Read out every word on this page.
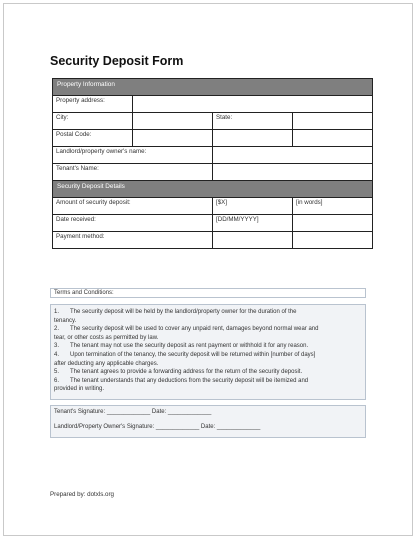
Security Deposit Form
Property Information			
Property address:			
City:		State:	
Postal Code:			
Landlord/property owner's name:			
Tenant's Name:			
Security Deposit Details			
Amount of security deposit:		[$X]	[in words]
Date received:		[DD/MM/YYYY]	
Payment method:			
Terms and Conditions:
1. The security deposit will be held by the landlord/property owner for the duration of the
tenancy.
2. The security deposit will be used to cover any unpaid rent, damages beyond normal wear and
tear, or other costs as permitted by law.
3. The tenant may not use the security deposit as rent payment or withhold it for any reason.
4. Upon termination of the tenancy, the security deposit will be returned within [number of days]
after deducting any applicable charges.
5. The tenant agrees to provide a forwarding address for the return of the security deposit.
6. The tenant understands that any deductions from the security deposit will be itemized and
provided in writing.
Tenant's Signature: _____________ Date: _____________
Landlord/Property Owner's Signature: _____________ Date: _____________
Prepared by: dotxls.org
